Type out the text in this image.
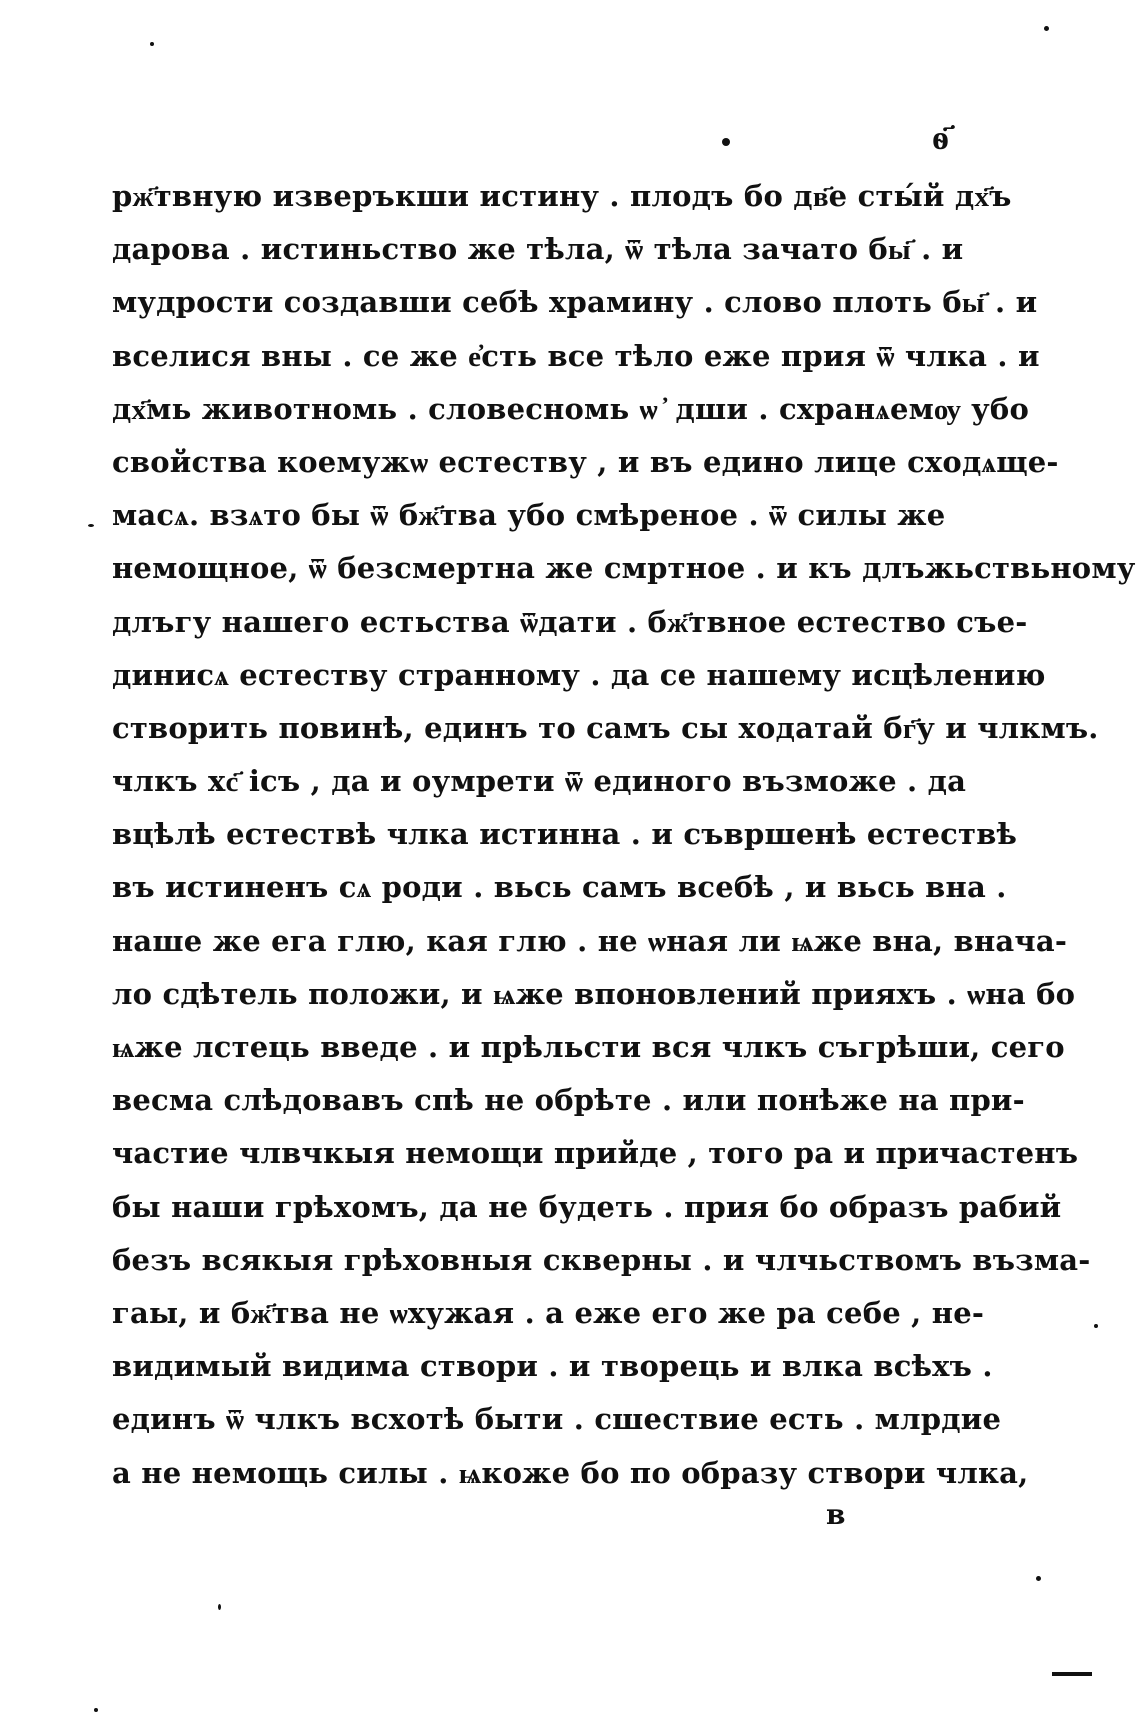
ѳ҃
рж҃твную изверъкши истину . плодъ бо дв҃е сты́й дх҃ъ
дарова . истиньство же тѣла, ѿ тѣла зачато бы҃ . и
мудрости создавши себѣ храмину . слово плоть бы҃ . и
вселися вны . се же е҆сть все тѣло еже прия ѿ члка . и
дх҃мь животномь . словесномь ѡ ҆ дши . схранѧемѹ убо
свойства коемужѡ естеству , и въ едино лице сходѧще-
масѧ. взѧто бы ѿ бж҃тва убо смѣреное . ѿ силы же
немощное, ѿ безсмертна же смртное . и къ длъжьствьному
длъгу нашего естьства ѿдати . бж҃твное естество съе-
динисѧ естеству странному . да се нашему исцѣлению
створить повинѣ, единъ то самъ сы ходатай бг҃у и члкмъ.
члкъ хс҃ ісъ , да и оумрети ѿ единого възможе . да
вцѣлѣ естествѣ члка истинна . и съвршенѣ естествѣ
въ истиненъ сѧ роди . вьсь самъ всебѣ , и вьсь вна .
наше же ега глю, кая глю . не ѡная ли ѩже вна, внача-
ло сдѣтель положи, и ѩже впоновлений прияхъ . ѡна бо
ѩже лстець введе . и прѣльсти вся члкъ съгрѣши, сего
весма слѣдовавъ спѣ не обрѣте . или понѣже на при-
частие члвчкыя немощи прийде , того ра и причастенъ
бы наши грѣхомъ, да не будеть . прия бо образъ рабий
безъ всякыя грѣховныя скверны . и члчьствомъ възма-
гаы, и бж҃тва не ѡхужая . а еже его же ра себе , не-
видимый видима створи . и творець и влка всѣхъ .
единъ ѿ члкъ всхотѣ быти . сшествие есть . млрдие
а не немощь силы . ѩкоже бо по образу створи члка,
в
